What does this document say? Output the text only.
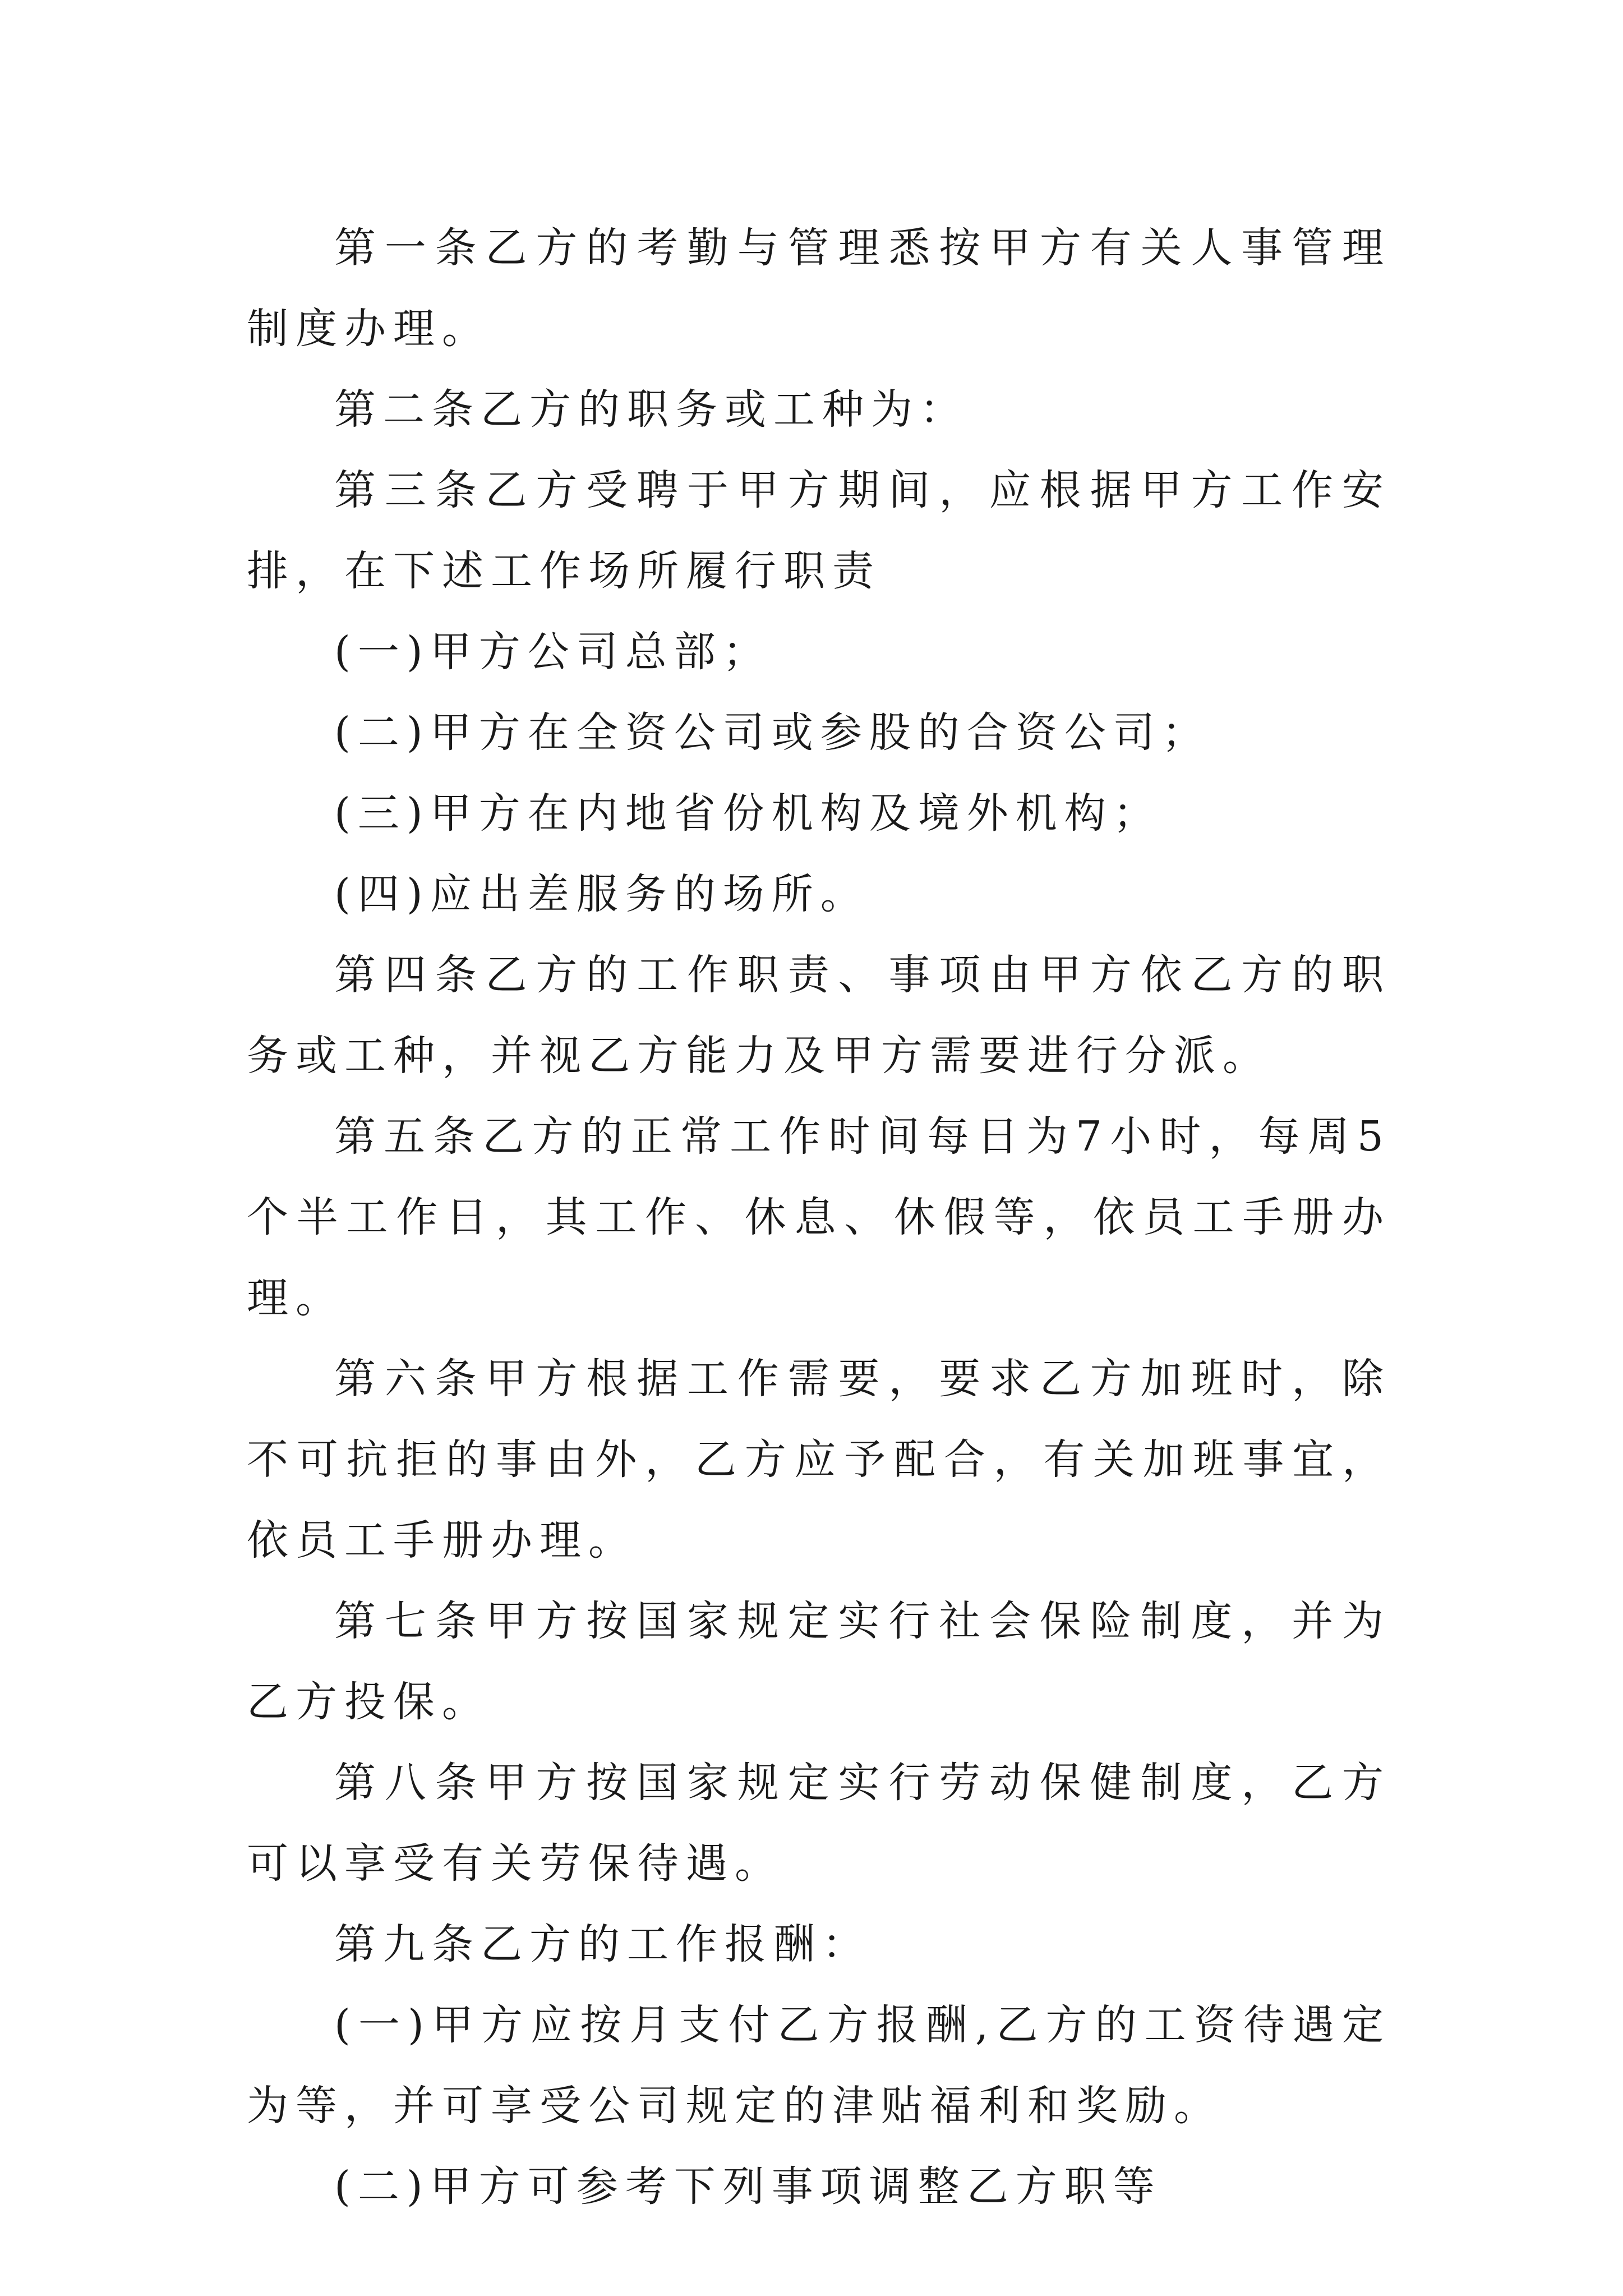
第一条乙方的考勤与管理悉按甲方有关人事管理制度办理。

第二条乙方的职务或工种为：

第三条乙方受聘于甲方期间，应根据甲方工作安排，在下述工作场所履行职责

(一)甲方公司总部；

(二)甲方在全资公司或参股的合资公司；

(三)甲方在内地省份机构及境外机构；

(四)应出差服务的场所。

第四条乙方的工作职责、事项由甲方依乙方的职务或工种，并视乙方能力及甲方需要进行分派。

第五条乙方的正常工作时间每日为7小时，每周5个半工作日，其工作、休息、休假等，依员工手册办理。

第六条甲方根据工作需要，要求乙方加班时，除不可抗拒的事由外，乙方应予配合，有关加班事宜，依员工手册办理。

第七条甲方按国家规定实行社会保险制度，并为乙方投保。

第八条甲方按国家规定实行劳动保健制度，乙方可以享受有关劳保待遇。

第九条乙方的工作报酬：

(一)甲方应按月支付乙方报酬,乙方的工资待遇定为等，并可享受公司规定的津贴福利和奖励。

(二)甲方可参考下列事项调整乙方职等
